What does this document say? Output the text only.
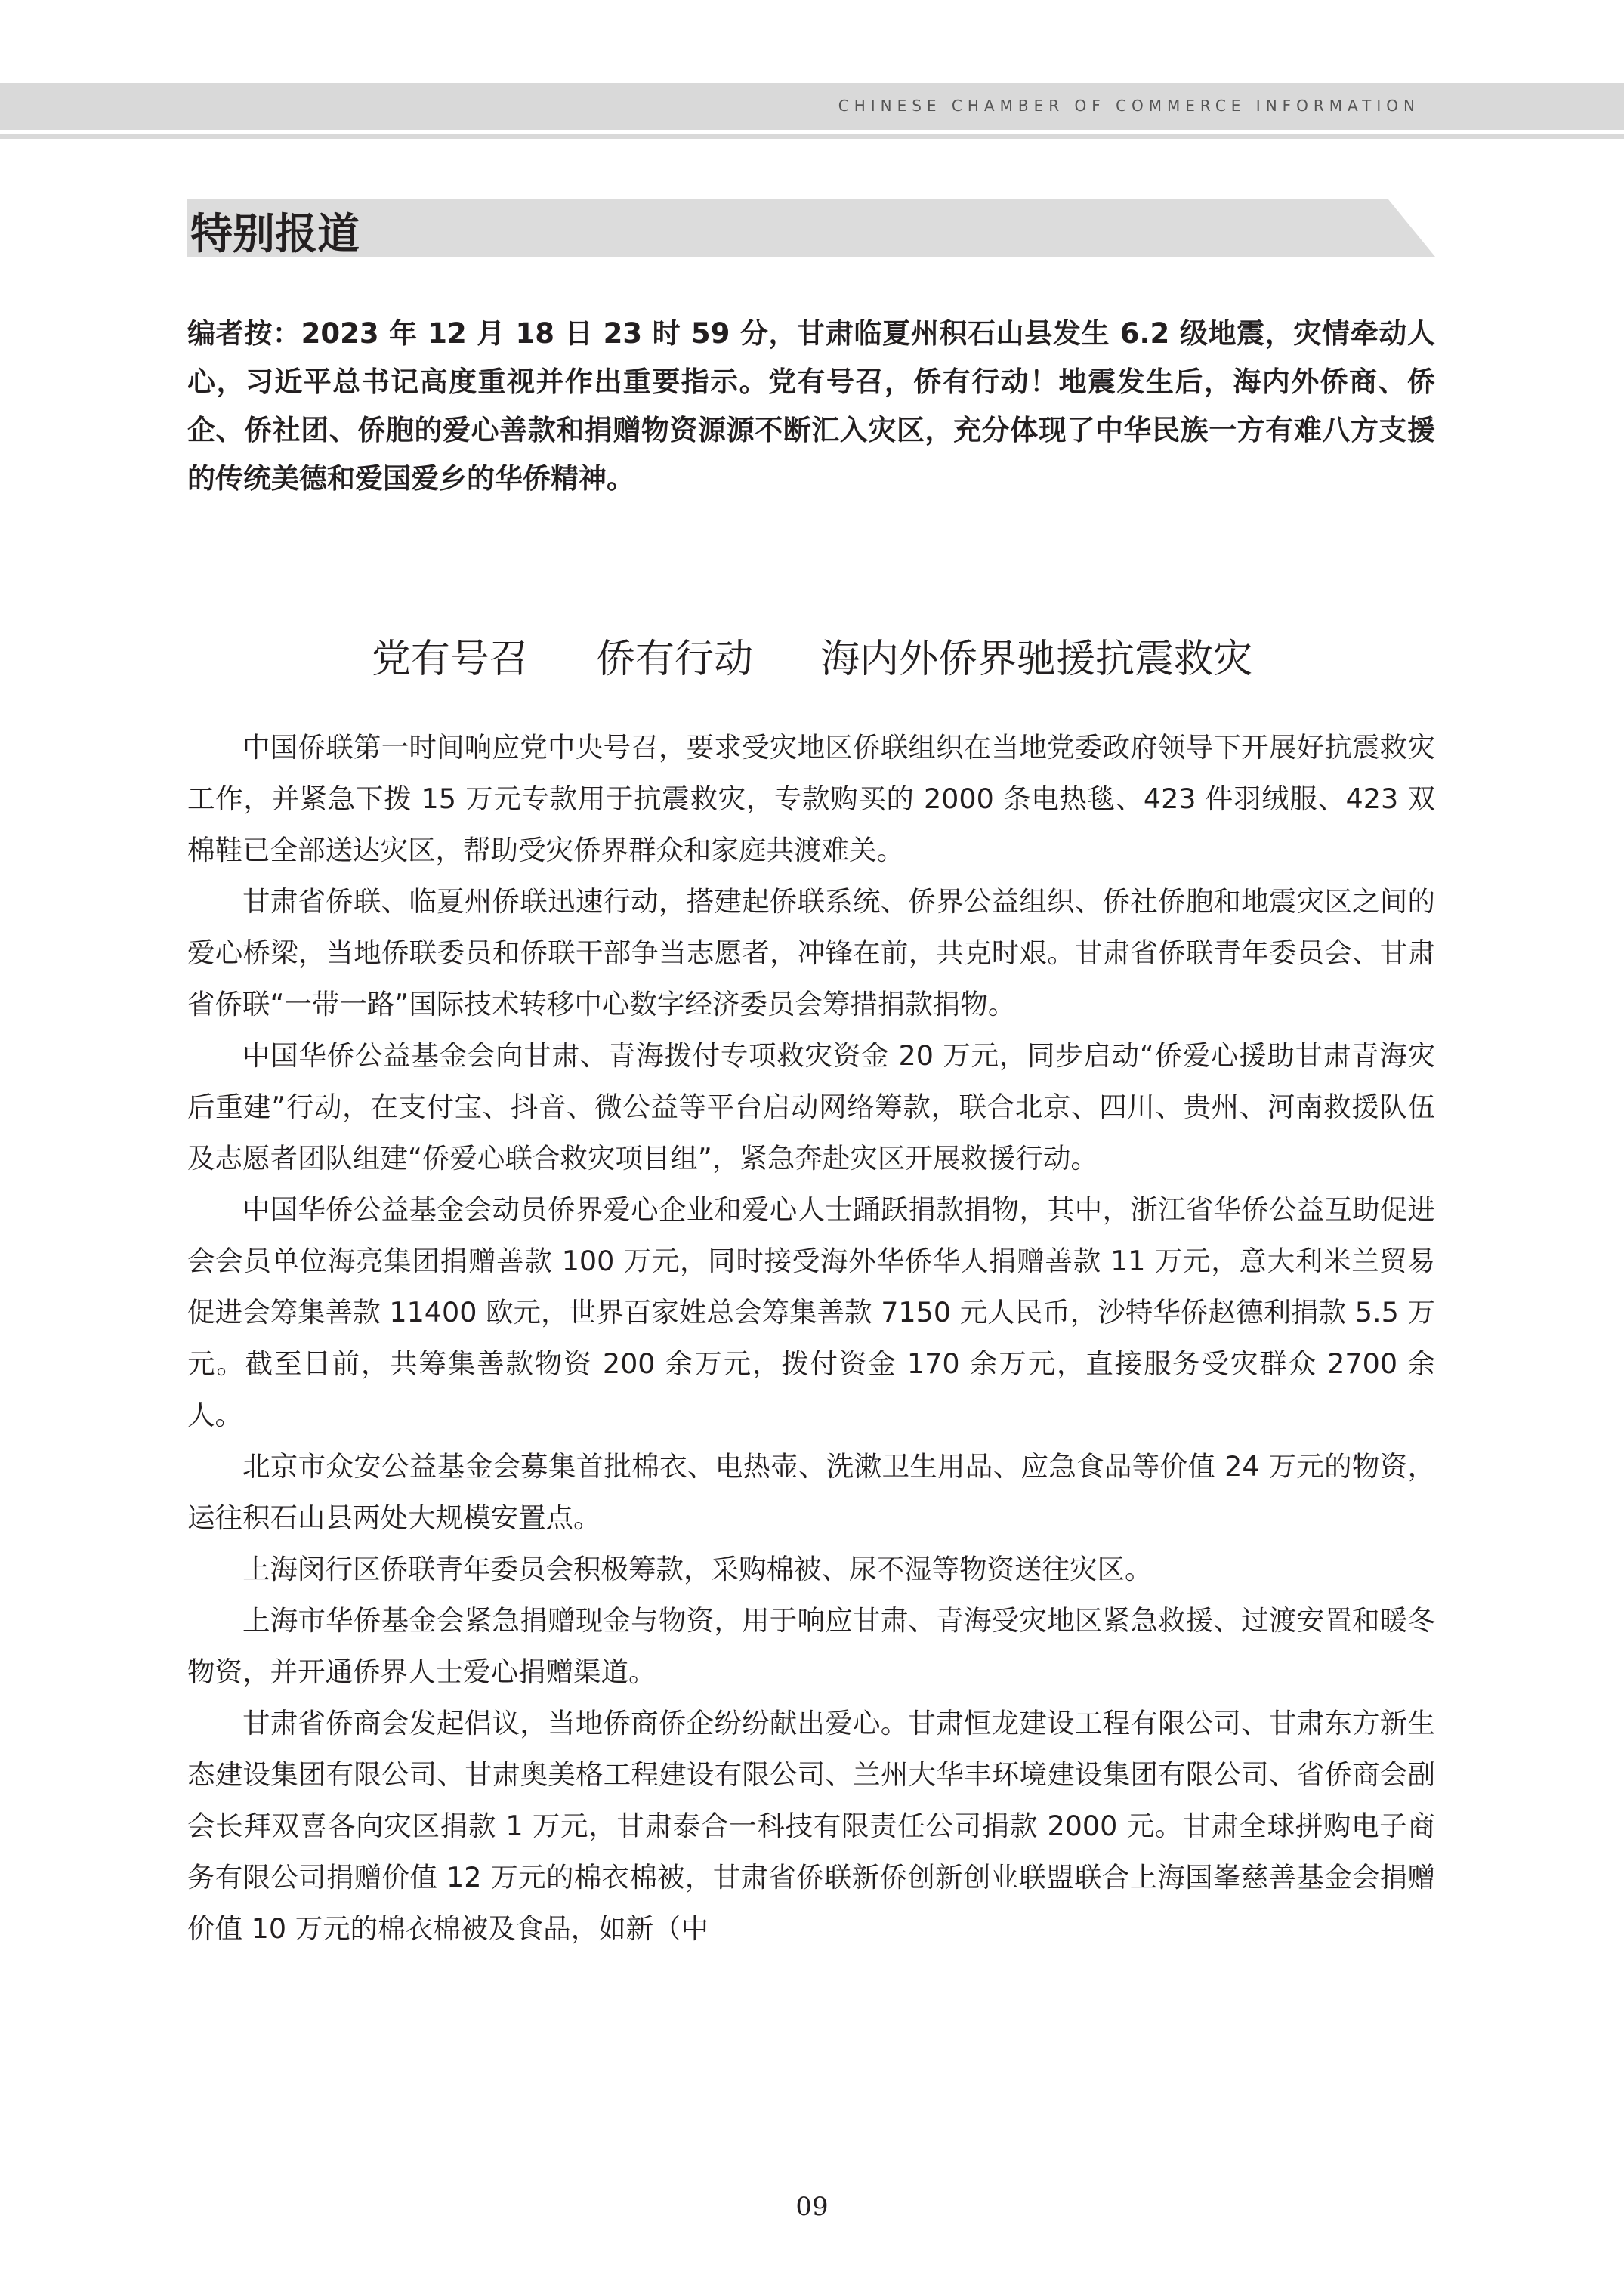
CHINESE CHAMBER OF COMMERCE INFORMATION
特别报道

编者按：2023 年 12 月 18 日 23 时 59 分，甘肃临夏州积石山县发生 6.2 级地震，灾情牵动人心，习近平总书记高度重视并作出重要指示。党有号召，侨有行动！地震发生后，海内外侨商、侨企、侨社团、侨胞的爱心善款和捐赠物资源源不断汇入灾区，充分体现了中华民族一方有难八方支援的传统美德和爱国爱乡的华侨精神。

党有号召 侨有行动 海内外侨界驰援抗震救灾

中国侨联第一时间响应党中央号召，要求受灾地区侨联组织在当地党委政府领导下开展好抗震救灾工作，并紧急下拨 15 万元专款用于抗震救灾，专款购买的 2000 条电热毯、423 件羽绒服、423 双棉鞋已全部送达灾区，帮助受灾侨界群众和家庭共渡难关。

甘肃省侨联、临夏州侨联迅速行动，搭建起侨联系统、侨界公益组织、侨社侨胞和地震灾区之间的爱心桥梁，当地侨联委员和侨联干部争当志愿者，冲锋在前，共克时艰。甘肃省侨联青年委员会、甘肃省侨联“一带一路”国际技术转移中心数字经济委员会筹措捐款捐物。

中国华侨公益基金会向甘肃、青海拨付专项救灾资金 20 万元，同步启动“侨爱心援助甘肃青海灾后重建”行动，在支付宝、抖音、微公益等平台启动网络筹款，联合北京、四川、贵州、河南救援队伍及志愿者团队组建“侨爱心联合救灾项目组”，紧急奔赴灾区开展救援行动。

中国华侨公益基金会动员侨界爱心企业和爱心人士踊跃捐款捐物，其中，浙江省华侨公益互助促进会会员单位海亮集团捐赠善款 100 万元，同时接受海外华侨华人捐赠善款 11 万元，意大利米兰贸易促进会筹集善款 11400 欧元，世界百家姓总会筹集善款 7150 元人民币，沙特华侨赵德利捐款 5.5 万元。截至目前，共筹集善款物资 200 余万元，拨付资金 170 余万元，直接服务受灾群众 2700 余人。

北京市众安公益基金会募集首批棉衣、电热壶、洗漱卫生用品、应急食品等价值 24 万元的物资，运往积石山县两处大规模安置点。

上海闵行区侨联青年委员会积极筹款，采购棉被、尿不湿等物资送往灾区。

上海市华侨基金会紧急捐赠现金与物资，用于响应甘肃、青海受灾地区紧急救援、过渡安置和暖冬物资，并开通侨界人士爱心捐赠渠道。

甘肃省侨商会发起倡议，当地侨商侨企纷纷献出爱心。甘肃恒龙建设工程有限公司、甘肃东方新生态建设集团有限公司、甘肃奥美格工程建设有限公司、兰州大华丰环境建设集团有限公司、省侨商会副会长拜双喜各向灾区捐款 1 万元，甘肃泰合一科技有限责任公司捐款 2000 元。甘肃全球拼购电子商务有限公司捐赠价值 12 万元的棉衣棉被，甘肃省侨联新侨创新创业联盟联合上海国峯慈善基金会捐赠价值 10 万元的棉衣棉被及食品，如新（中

09
